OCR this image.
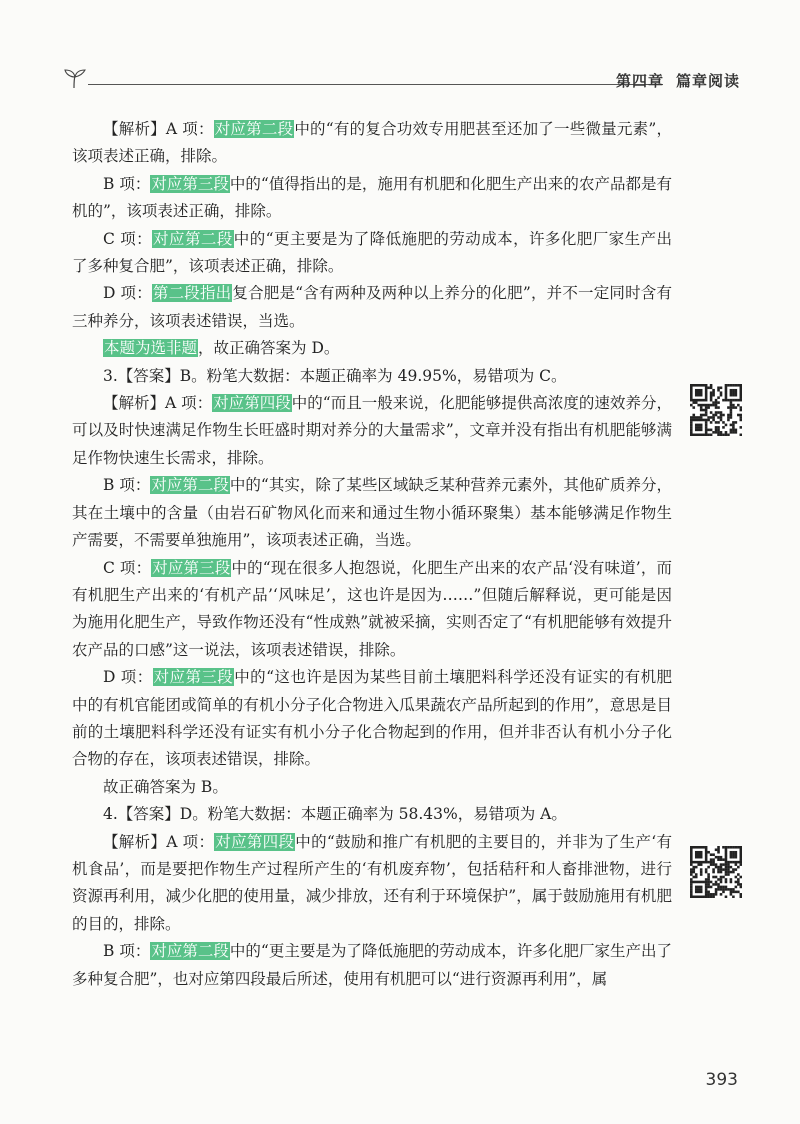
第四章 篇章阅读

【解析】A 项：对应第二段中的“有的复合功效专用肥甚至还加了一些微量元素”，该项表述正确，排除。

B 项：对应第三段中的“值得指出的是，施用有机肥和化肥生产出来的农产品都是有机的”，该项表述正确，排除。

C 项：对应第二段中的“更主要是为了降低施肥的劳动成本，许多化肥厂家生产出了多种复合肥”，该项表述正确，排除。

D 项：第二段指出复合肥是“含有两种及两种以上养分的化肥”，并不一定同时含有三种养分，该项表述错误，当选。

本题为选非题，故正确答案为 D。

3.【答案】B。粉笔大数据：本题正确率为 49.95%，易错项为 C。

【解析】A 项：对应第四段中的“而且一般来说，化肥能够提供高浓度的速效养分，可以及时快速满足作物生长旺盛时期对养分的大量需求”，文章并没有指出有机肥能够满足作物快速生长需求，排除。

B 项：对应第二段中的“其实，除了某些区域缺乏某种营养元素外，其他矿质养分，其在土壤中的含量（由岩石矿物风化而来和通过生物小循环聚集）基本能够满足作物生产需要，不需要单独施用”，该项表述正确，当选。

C 项：对应第三段中的“现在很多人抱怨说，化肥生产出来的农产品‘没有味道’，而有机肥生产出来的‘有机产品’‘风味足’，这也许是因为……”但随后解释说，更可能是因为施用化肥生产，导致作物还没有“性成熟”就被采摘，实则否定了“有机肥能够有效提升农产品的口感”这一说法，该项表述错误，排除。

D 项：对应第三段中的“这也许是因为某些目前土壤肥料科学还没有证实的有机肥中的有机官能团或简单的有机小分子化合物进入瓜果蔬农产品所起到的作用”，意思是目前的土壤肥料科学还没有证实有机小分子化合物起到的作用，但并非否认有机小分子化合物的存在，该项表述错误，排除。

故正确答案为 B。

4.【答案】D。粉笔大数据：本题正确率为 58.43%，易错项为 A。

【解析】A 项：对应第四段中的“鼓励和推广有机肥的主要目的，并非为了生产‘有机食品’，而是要把作物生产过程所产生的‘有机废弃物’，包括秸秆和人畜排泄物，进行资源再利用，减少化肥的使用量，减少排放，还有利于环境保护”，属于鼓励施用有机肥的目的，排除。

B 项：对应第二段中的“更主要是为了降低施肥的劳动成本，许多化肥厂家生产出了多种复合肥”，也对应第四段最后所述，使用有机肥可以“进行资源再利用”，属

393
